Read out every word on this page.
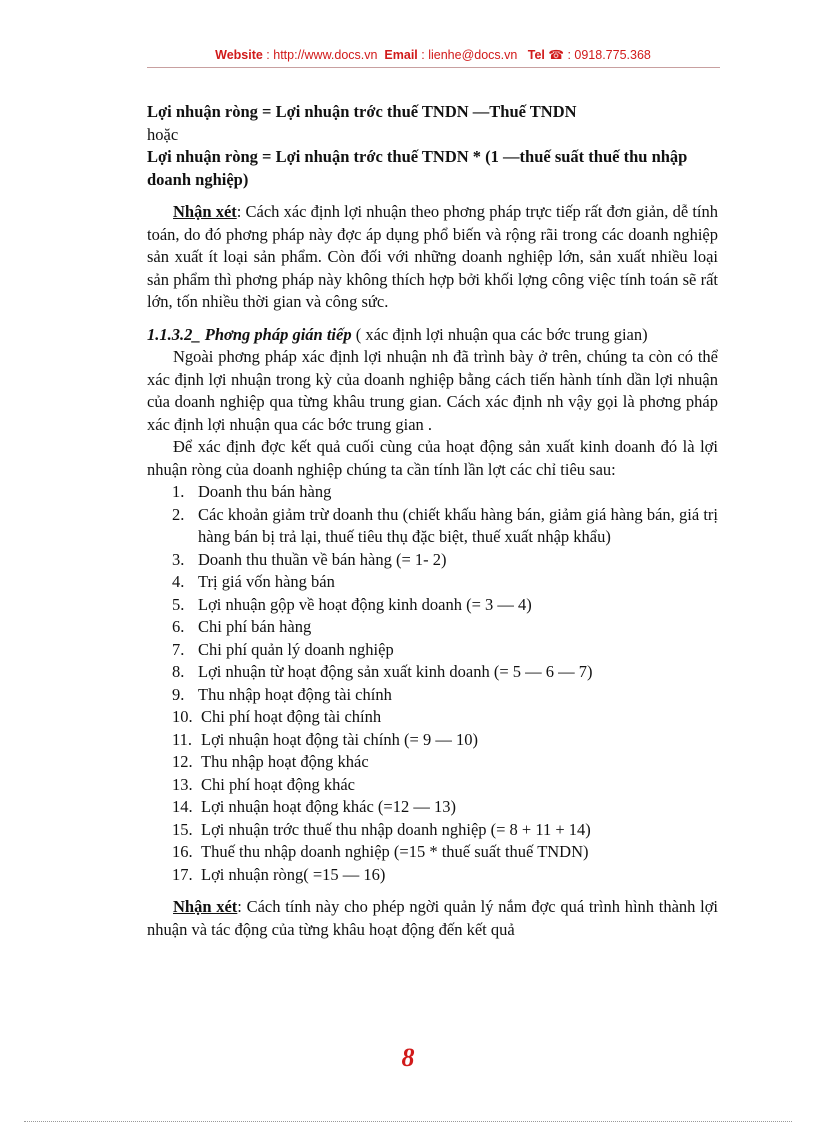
Website : http://www.docs.vn Email : lienhe@docs.vn Tel ☎ : 0918.775.368

Lợi nhuận ròng = Lợi nhuận trớc thuế TNDN —Thuế TNDN

hoặc

Lợi nhuận ròng = Lợi nhuận trớc thuế TNDN * (1 —thuế suất thuế thu nhập doanh nghiệp)

Nhận xét: Cách xác định lợi nhuận theo phơng pháp trực tiếp rất đơn giản, dễ tính toán, do đó phơng pháp này đợc áp dụng phổ biến và rộng rãi trong các doanh nghiệp sản xuất ít loại sản phẩm. Còn đối với những doanh nghiệp lớn, sản xuất nhiều loại sản phẩm thì phơng pháp này không thích hợp bởi khối lợng công việc tính toán sẽ rất lớn, tốn nhiều thời gian và công sức.

1.1.3.2_ Phơng pháp gián tiếp ( xác định lợi nhuận qua các bớc trung gian)

Ngoài phơng pháp xác định lợi nhuận nh đã trình bày ở trên, chúng ta còn có thể xác định lợi nhuận trong kỳ của doanh nghiệp bằng cách tiến hành tính dần lợi nhuận của doanh nghiệp qua từng khâu trung gian. Cách xác định nh vậy gọi là phơng pháp xác định lợi nhuận qua các bớc trung gian .

Để xác định đợc kết quả cuối cùng của hoạt động sản xuất kinh doanh đó là lợi nhuận ròng của doanh nghiệp chúng ta cần tính lần lợt các chỉ tiêu sau:

1. Doanh thu bán hàng
2. Các khoản giảm trừ doanh thu (chiết khấu hàng bán, giảm giá hàng bán, giá trị hàng bán bị trả lại, thuế tiêu thụ đặc biệt, thuế xuất nhập khẩu)
3. Doanh thu thuần về bán hàng (= 1- 2)
4. Trị giá vốn hàng bán
5. Lợi nhuận gộp về hoạt động kinh doanh (= 3 — 4)
6. Chi phí bán hàng
7. Chi phí quản lý doanh nghiệp
8. Lợi nhuận từ hoạt động sản xuất kinh doanh (= 5 — 6 — 7)
9. Thu nhập hoạt động tài chính
10. Chi phí hoạt động tài chính
11. Lợi nhuận hoạt động tài chính (= 9 — 10)
12. Thu nhập hoạt động khác
13. Chi phí hoạt động khác
14. Lợi nhuận hoạt động khác (=12 — 13)
15. Lợi nhuận trớc thuế thu nhập doanh nghiệp (= 8 + 11 + 14)
16. Thuế thu nhập doanh nghiệp (=15 * thuế suất thuế TNDN)
17. Lợi nhuận ròng( =15 — 16)

Nhận xét: Cách tính này cho phép ngời quản lý nắm đợc quá trình hình thành lợi nhuận và tác động của từng khâu hoạt động đến kết quả

8
